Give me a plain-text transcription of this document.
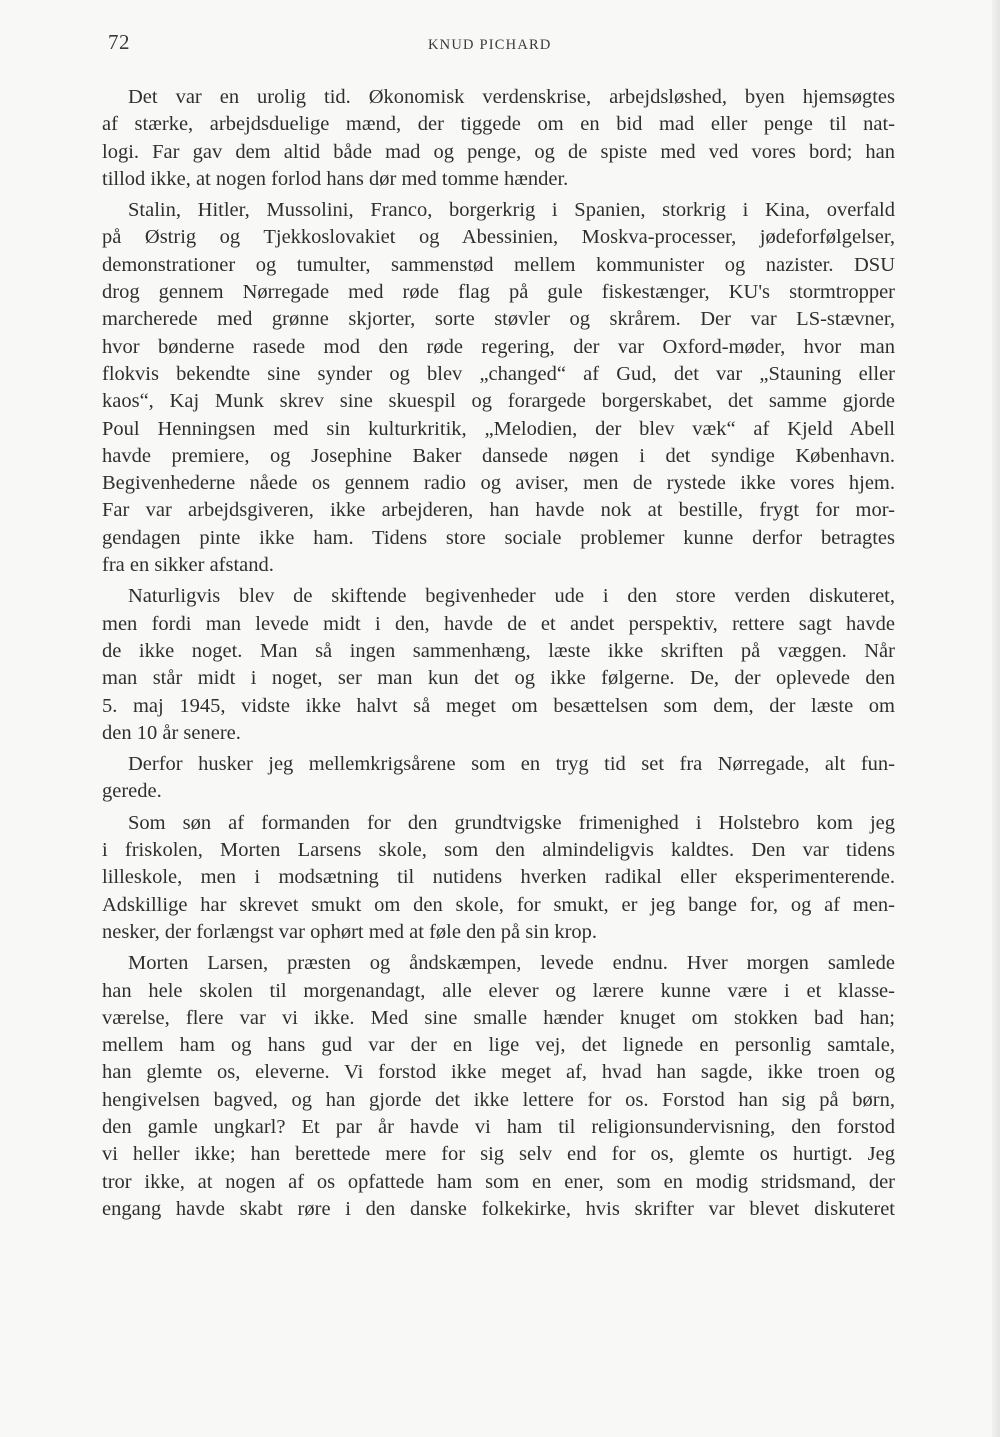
72	KNUD PICHARD
Det var en urolig tid. Økonomisk verdenskrise, arbejdsløshed, byen hjemsøgtes
af stærke, arbejdsduelige mænd, der tiggede om en bid mad eller penge til nat-
logi. Far gav dem altid både mad og penge, og de spiste med ved vores bord; han
tillod ikke, at nogen forlod hans dør med tomme hænder.
Stalin, Hitler, Mussolini, Franco, borgerkrig i Spanien, storkrig i Kina, overfald
på Østrig og Tjekkoslovakiet og Abessinien, Moskva-processer, jødeforfølgelser,
demonstrationer og tumulter, sammenstød mellem kommunister og nazister. DSU
drog gennem Nørregade med røde flag på gule fiskestænger, KU's stormtropper
marcherede med grønne skjorter, sorte støvler og skrårem. Der var LS-stævner,
hvor bønderne rasede mod den røde regering, der var Oxford-møder, hvor man
flokvis bekendte sine synder og blev „changed“ af Gud, det var „Stauning eller
kaos“, Kaj Munk skrev sine skuespil og forargede borgerskabet, det samme gjorde
Poul Henningsen med sin kulturkritik, „Melodien, der blev væk“ af Kjeld Abell
havde premiere, og Josephine Baker dansede nøgen i det syndige København.
Begivenhederne nåede os gennem radio og aviser, men de rystede ikke vores hjem.
Far var arbejdsgiveren, ikke arbejderen, han havde nok at bestille, frygt for mor-
gendagen pinte ikke ham. Tidens store sociale problemer kunne derfor betragtes
fra en sikker afstand.
Naturligvis blev de skiftende begivenheder ude i den store verden diskuteret,
men fordi man levede midt i den, havde de et andet perspektiv, rettere sagt havde
de ikke noget. Man så ingen sammenhæng, læste ikke skriften på væggen. Når
man står midt i noget, ser man kun det og ikke følgerne. De, der oplevede den
5. maj 1945, vidste ikke halvt så meget om besættelsen som dem, der læste om
den 10 år senere.
Derfor husker jeg mellemkrigsårene som en tryg tid set fra Nørregade, alt fun-
gerede.
Som søn af formanden for den grundtvigske frimenighed i Holstebro kom jeg
i friskolen, Morten Larsens skole, som den almindeligvis kaldtes. Den var tidens
lilleskole, men i modsætning til nutidens hverken radikal eller eksperimenterende.
Adskillige har skrevet smukt om den skole, for smukt, er jeg bange for, og af men-
nesker, der forlængst var ophørt med at føle den på sin krop.
Morten Larsen, præsten og åndskæmpen, levede endnu. Hver morgen samlede
han hele skolen til morgenandagt, alle elever og lærere kunne være i et klasse-
værelse, flere var vi ikke. Med sine smalle hænder knuget om stokken bad han;
mellem ham og hans gud var der en lige vej, det lignede en personlig samtale,
han glemte os, eleverne. Vi forstod ikke meget af, hvad han sagde, ikke troen og
hengivelsen bagved, og han gjorde det ikke lettere for os. Forstod han sig på børn,
den gamle ungkarl? Et par år havde vi ham til religionsundervisning, den forstod
vi heller ikke; han berettede mere for sig selv end for os, glemte os hurtigt. Jeg
tror ikke, at nogen af os opfattede ham som en ener, som en modig stridsmand, der
engang havde skabt røre i den danske folkekirke, hvis skrifter var blevet diskuteret
